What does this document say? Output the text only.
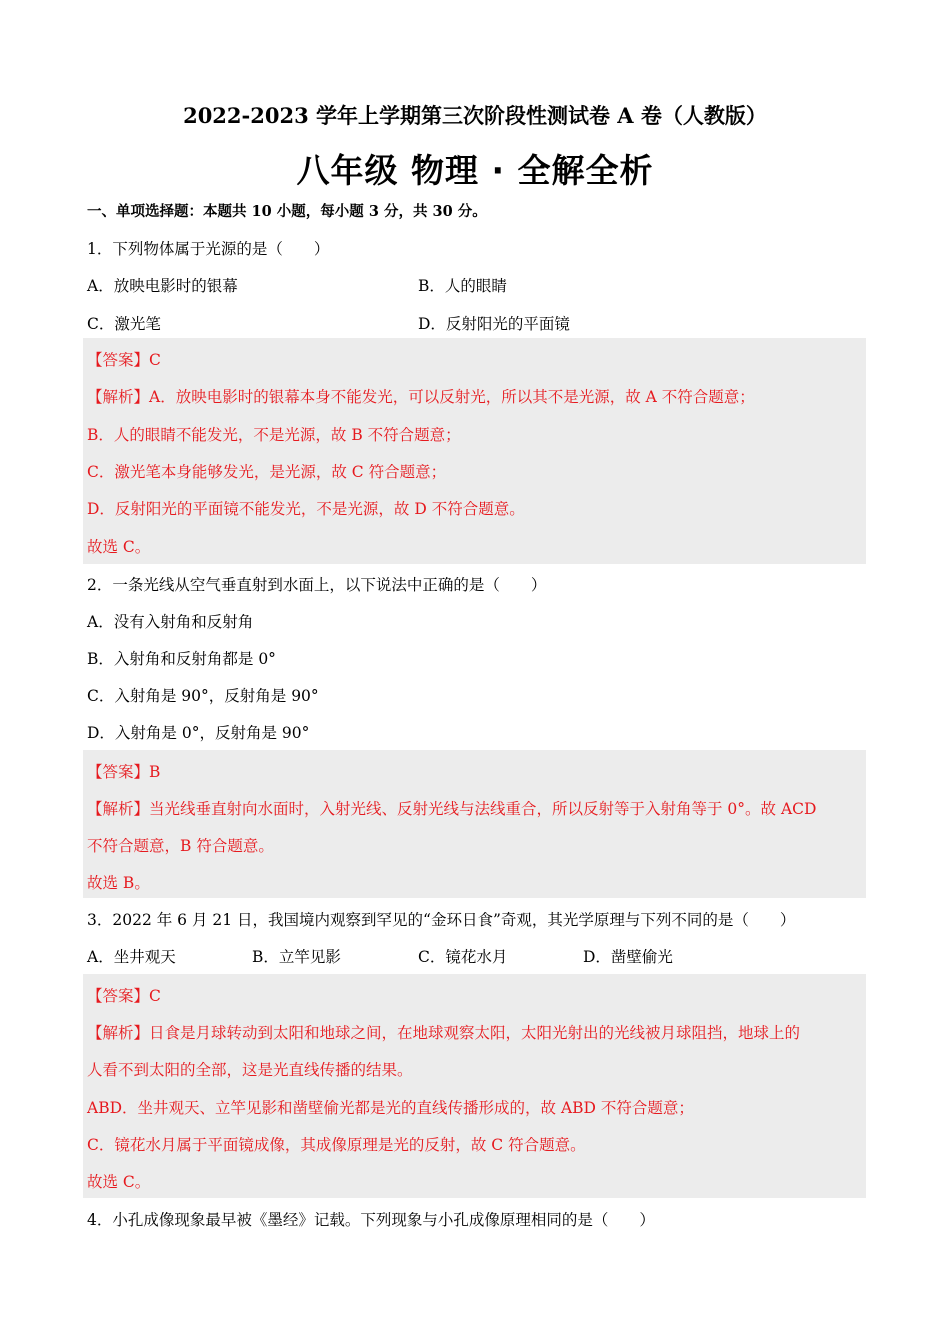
2022-2023 学年上学期第三次阶段性测试卷 A 卷（人教版）
八年级 物理 · 全解全析
一、单项选择题：本题共 10 小题，每小题 3 分，共 30 分。
1．下列物体属于光源的是（　　）
A．放映电影时的银幕	B．人的眼睛
C．激光笔	D．反射阳光的平面镜
【答案】C
【解析】A．放映电影时的银幕本身不能发光，可以反射光，所以其不是光源，故 A 不符合题意；
B．人的眼睛不能发光，不是光源，故 B 不符合题意；
C．激光笔本身能够发光，是光源，故 C 符合题意；
D．反射阳光的平面镜不能发光，不是光源，故 D 不符合题意。
故选 C。
2．一条光线从空气垂直射到水面上，以下说法中正确的是（　　）
A．没有入射角和反射角
B．入射角和反射角都是 0°
C．入射角是 90°，反射角是 90°
D．入射角是 0°，反射角是 90°
【答案】B
【解析】当光线垂直射向水面时，入射光线、反射光线与法线重合，所以反射等于入射角等于 0°。故 ACD
不符合题意，B 符合题意。
故选 B。
3．2022 年 6 月 21 日，我国境内观察到罕见的“金环日食”奇观，其光学原理与下列不同的是（　　）
A．坐井观天	B．立竿见影	C．镜花水月	D．凿壁偷光
【答案】C
【解析】日食是月球转动到太阳和地球之间，在地球观察太阳，太阳光射出的光线被月球阻挡，地球上的
人看不到太阳的全部，这是光直线传播的结果。
ABD．坐井观天、立竿见影和凿壁偷光都是光的直线传播形成的，故 ABD 不符合题意；
C．镜花水月属于平面镜成像，其成像原理是光的反射，故 C 符合题意。
故选 C。
4．小孔成像现象最早被《墨经》记载。下列现象与小孔成像原理相同的是（　　）
